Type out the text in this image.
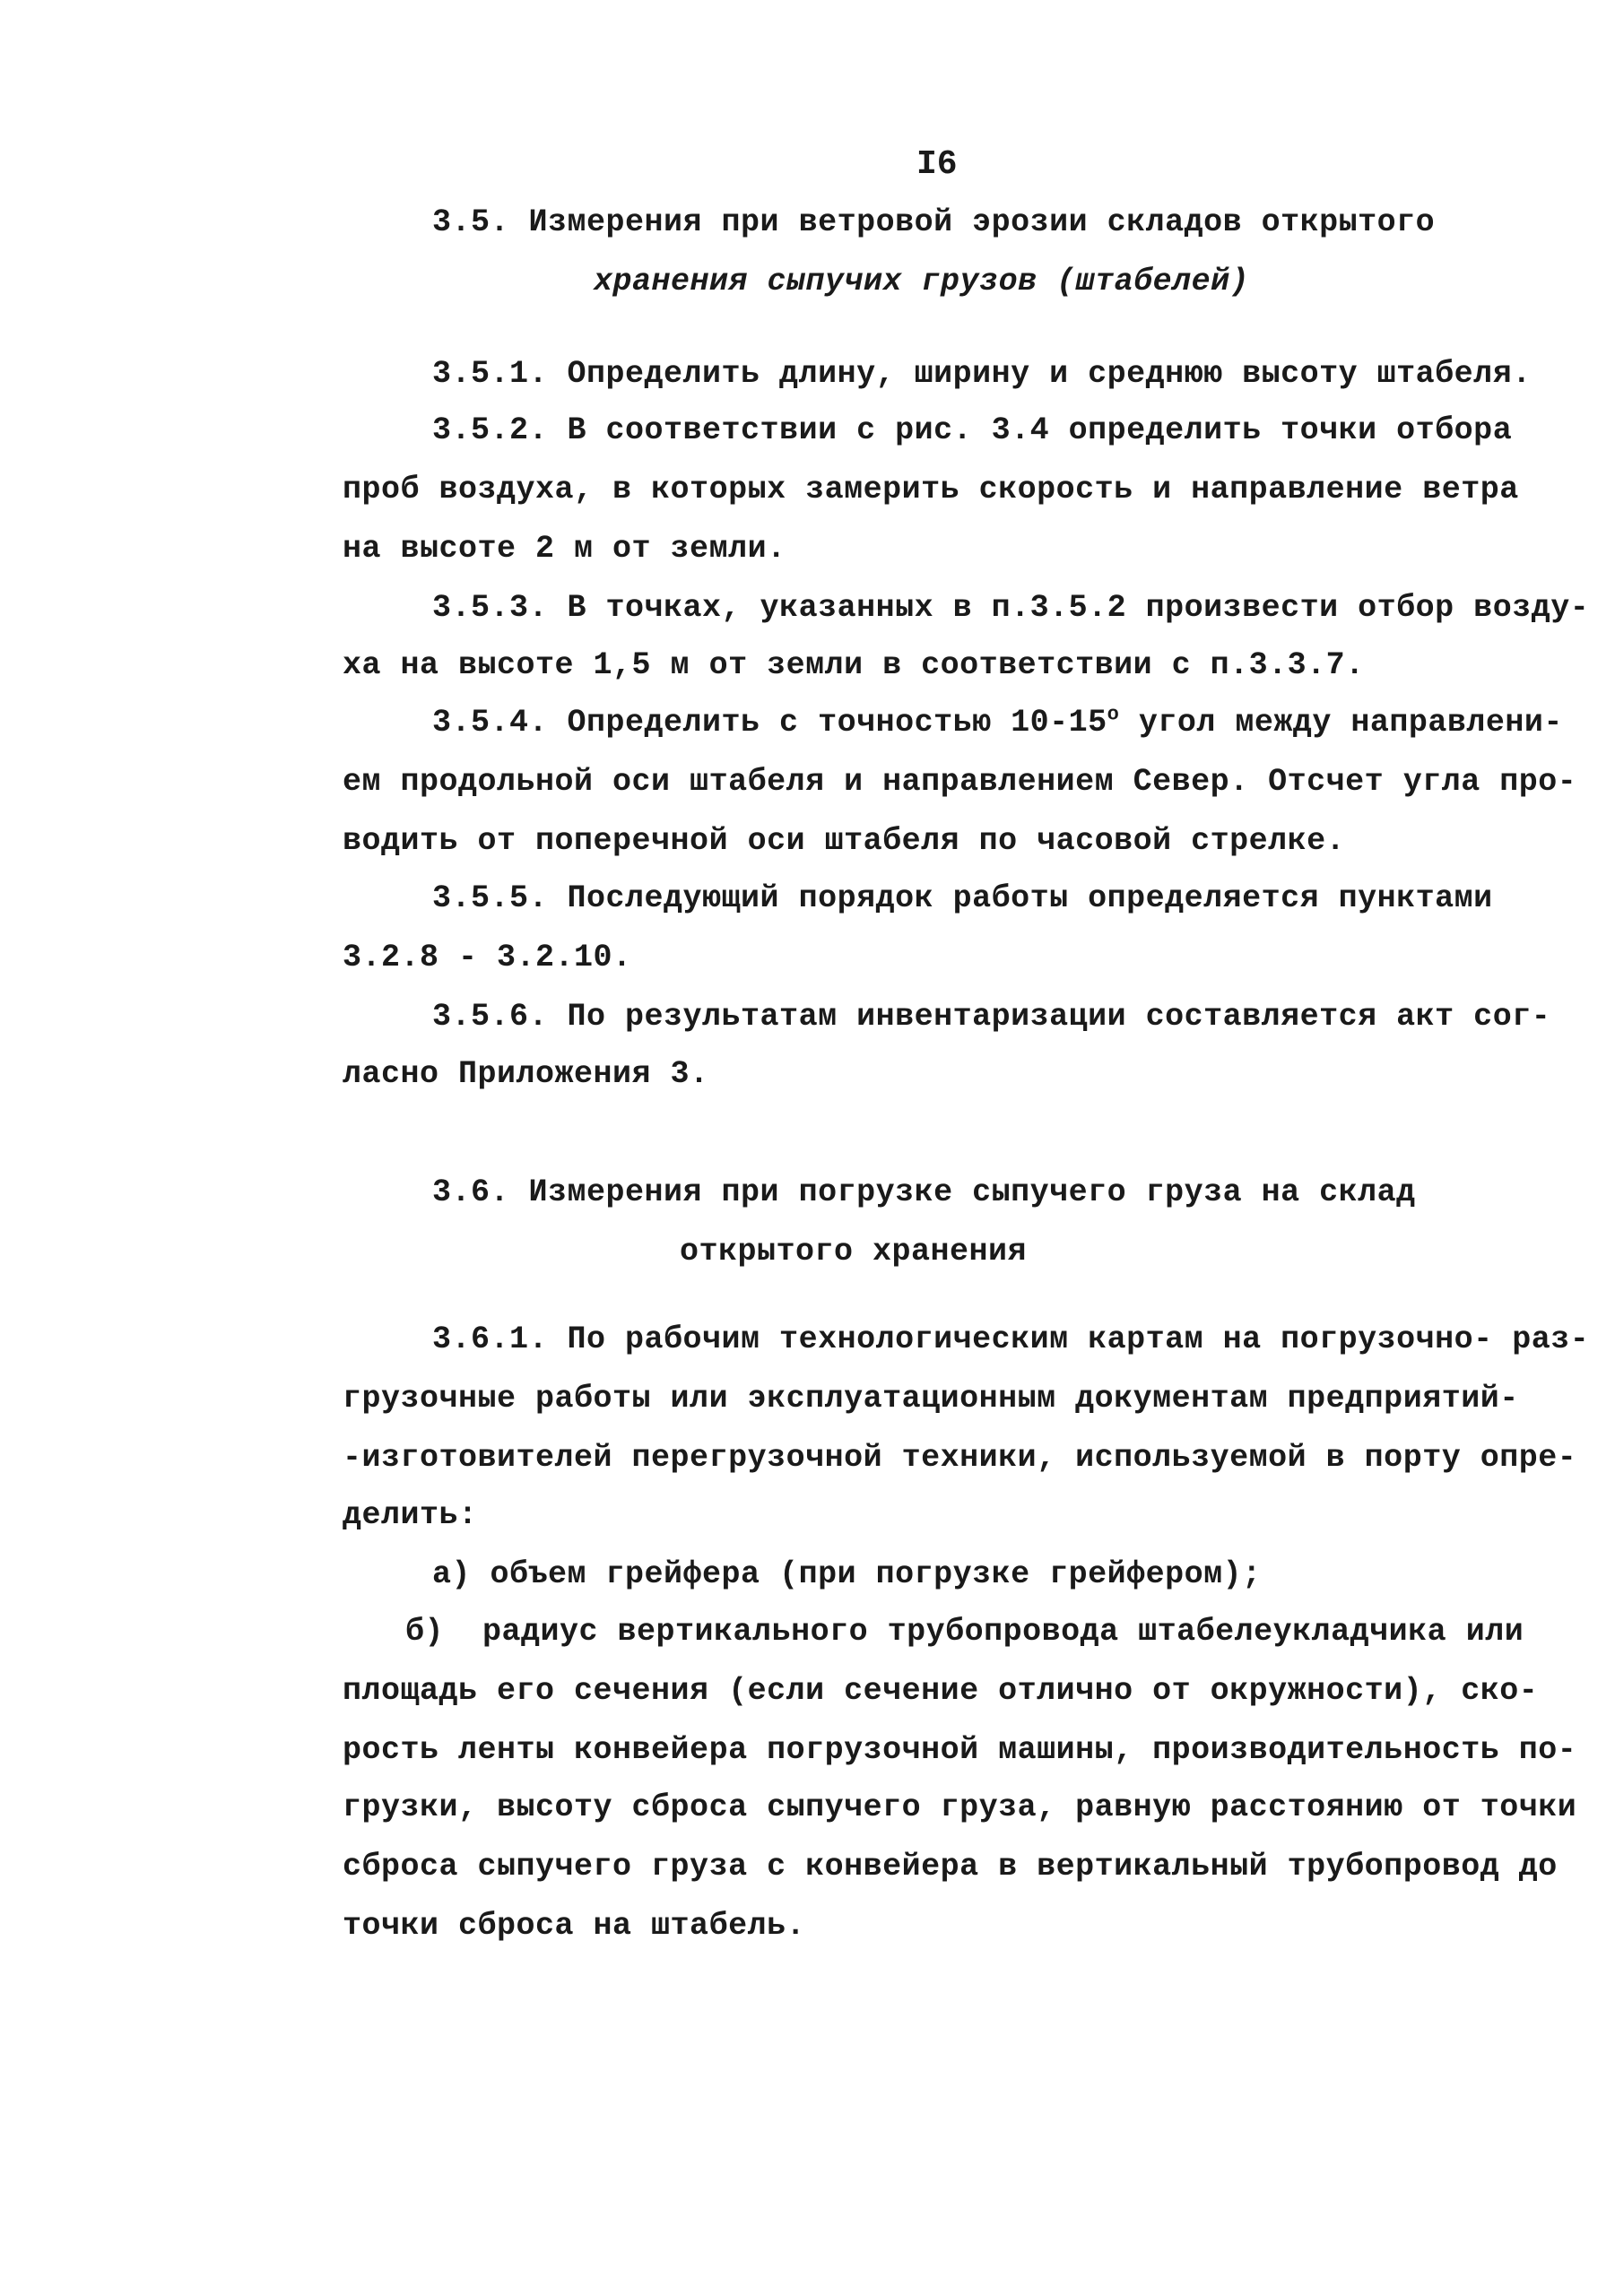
I6
3.5. Измерения при ветровой эрозии складов открытого
хранения сыпучих грузов (штабелей)
3.5.1. Определить длину, ширину и среднюю высоту штабеля.
3.5.2. В соответствии с рис. 3.4 определить точки отбора
проб воздуха, в которых замерить скорость и направление ветра
на высоте 2 м от земли.
3.5.3. В точках, указанных в п.3.5.2 произвести отбор возду-
ха на высоте 1,5 м от земли в соответствии с п.3.3.7.
3.5.4. Определить с точностью $10-15^о$ угол между направлени-
ем продольной оси штабеля и направлением Север. Отсчет угла про-
водить от поперечной оси штабеля по часовой стрелке.
3.5.5. Последующий порядок работы определяется пунктами
3.2.8 - 3.2.10.
3.5.6. По результатам инвентаризации составляется акт сог-
ласно Приложения 3.
3.6. Измерения при погрузке сыпучего груза на склад
открытого хранения
3.6.1. По рабочим технологическим картам на погрузочно- раз-
грузочные работы или эксплуатационным документам предприятий-
-изготовителей перегрузочной техники, используемой в порту опре-
делить:
а) объем грейфера (при погрузке грейфером);
б)  радиус вертикального трубопровода штабелеукладчика или
площадь его сечения (если сечение отлично от окружности), ско-
рость ленты конвейера погрузочной машины, производительность по-
грузки, высоту сброса сыпучего груза, равную расстоянию от точки
сброса сыпучего груза с конвейера в вертикальный трубопровод до
точки сброса на штабель.
